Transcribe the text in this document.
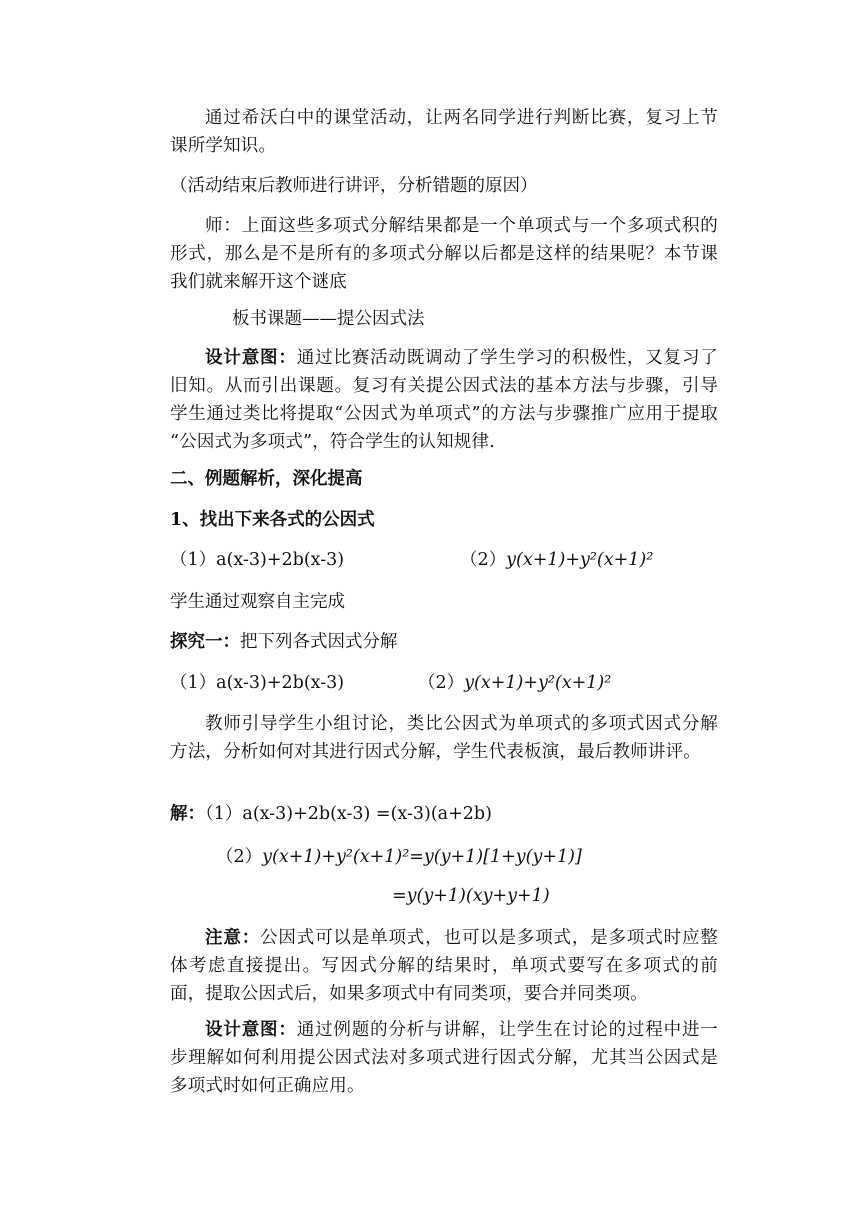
通过希沃白中的课堂活动，让两名同学进行判断比赛，复习上节课所学知识。
（活动结束后教师进行讲评，分析错题的原因）
师：上面这些多项式分解结果都是一个单项式与一个多项式积的形式，那么是不是所有的多项式分解以后都是这样的结果呢？本节课我们就来解开这个谜底
板书课题——提公因式法
设计意图：通过比赛活动既调动了学生学习的积极性，又复习了旧知。从而引出课题。复习有关提公因式法的基本方法与步骤，引导学生通过类比将提取“公因式为单项式”的方法与步骤推广应用于提取 “公因式为多项式”，符合学生的认知规律.
二、例题解析，深化提高
1、找出下来各式的公因式
（1）a(x-3)+2b(x-3)	（2）y(x+1)+y²(x+1)²
学生通过观察自主完成
探究一：把下列各式因式分解
（1）a(x-3)+2b(x-3)	（2）y(x+1)+y²(x+1)²
教师引导学生小组讨论，类比公因式为单项式的多项式因式分解方法，分析如何对其进行因式分解，学生代表板演，最后教师讲评。
解：（1）a(x-3)+2b(x-3) =(x-3)(a+2b)
（2）y(x+1)+y²(x+1)²=y(y+1)[1+y(y+1)]
=y(y+1)(xy+y+1)
注意：公因式可以是单项式，也可以是多项式，是多项式时应整体考虑直接提出。写因式分解的结果时，单项式要写在多项式的前面，提取公因式后，如果多项式中有同类项，要合并同类项。
设计意图：通过例题的分析与讲解，让学生在讨论的过程中进一步理解如何利用提公因式法对多项式进行因式分解，尤其当公因式是多项式时如何正确应用。
